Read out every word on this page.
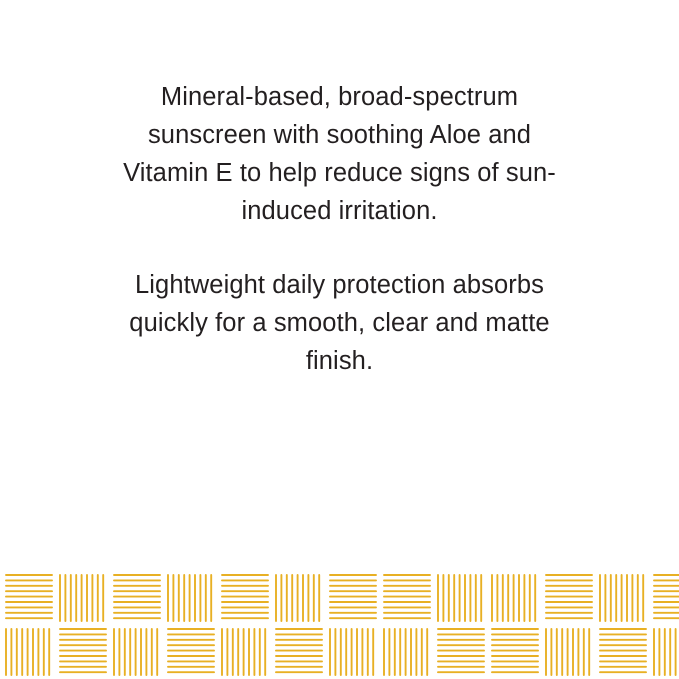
Mineral-based, broad-spectrum sunscreen with soothing Aloe and Vitamin E to help reduce signs of sun-induced irritation.

Lightweight daily protection absorbs quickly for a smooth, clear and matte finish.
